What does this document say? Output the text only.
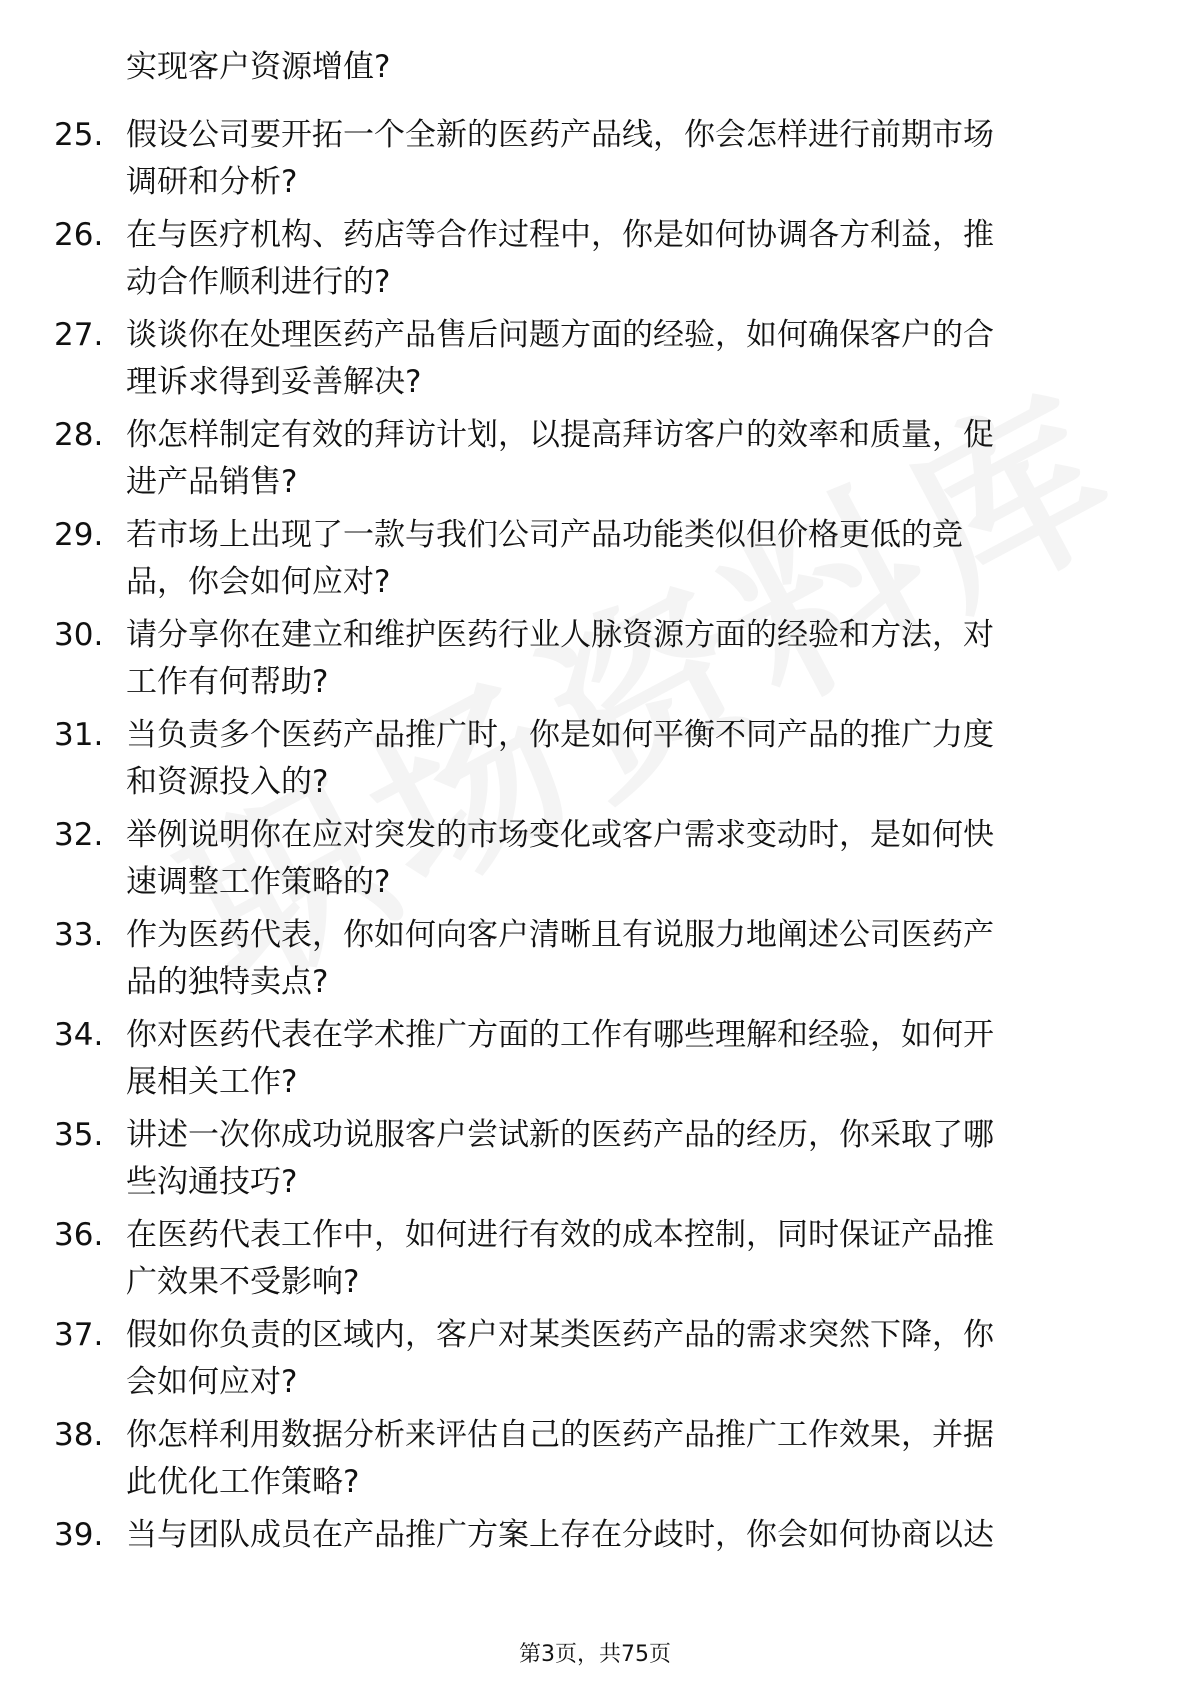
实现客户资源增值?
25. 假设公司要开拓一个全新的医药产品线，你会怎样进行前期市场
调研和分析?
26. 在与医疗机构、药店等合作过程中，你是如何协调各方利益，推
动合作顺利进行的?
27. 谈谈你在处理医药产品售后问题方面的经验，如何确保客户的合
理诉求得到妥善解决?
28. 你怎样制定有效的拜访计划，以提高拜访客户的效率和质量，促
进产品销售?
29. 若市场上出现了一款与我们公司产品功能类似但价格更低的竞
品，你会如何应对?
30. 请分享你在建立和维护医药行业人脉资源方面的经验和方法，对
工作有何帮助?
31. 当负责多个医药产品推广时，你是如何平衡不同产品的推广力度
和资源投入的?
32. 举例说明你在应对突发的市场变化或客户需求变动时，是如何快
速调整工作策略的?
33. 作为医药代表，你如何向客户清晰且有说服力地阐述公司医药产
品的独特卖点?
34. 你对医药代表在学术推广方面的工作有哪些理解和经验，如何开
展相关工作?
35. 讲述一次你成功说服客户尝试新的医药产品的经历，你采取了哪
些沟通技巧?
36. 在医药代表工作中，如何进行有效的成本控制，同时保证产品推
广效果不受影响?
37. 假如你负责的区域内，客户对某类医药产品的需求突然下降，你
会如何应对?
38. 你怎样利用数据分析来评估自己的医药产品推广工作效果，并据
此优化工作策略?
39. 当与团队成员在产品推广方案上存在分歧时，你会如何协商以达
第3页，共75页
